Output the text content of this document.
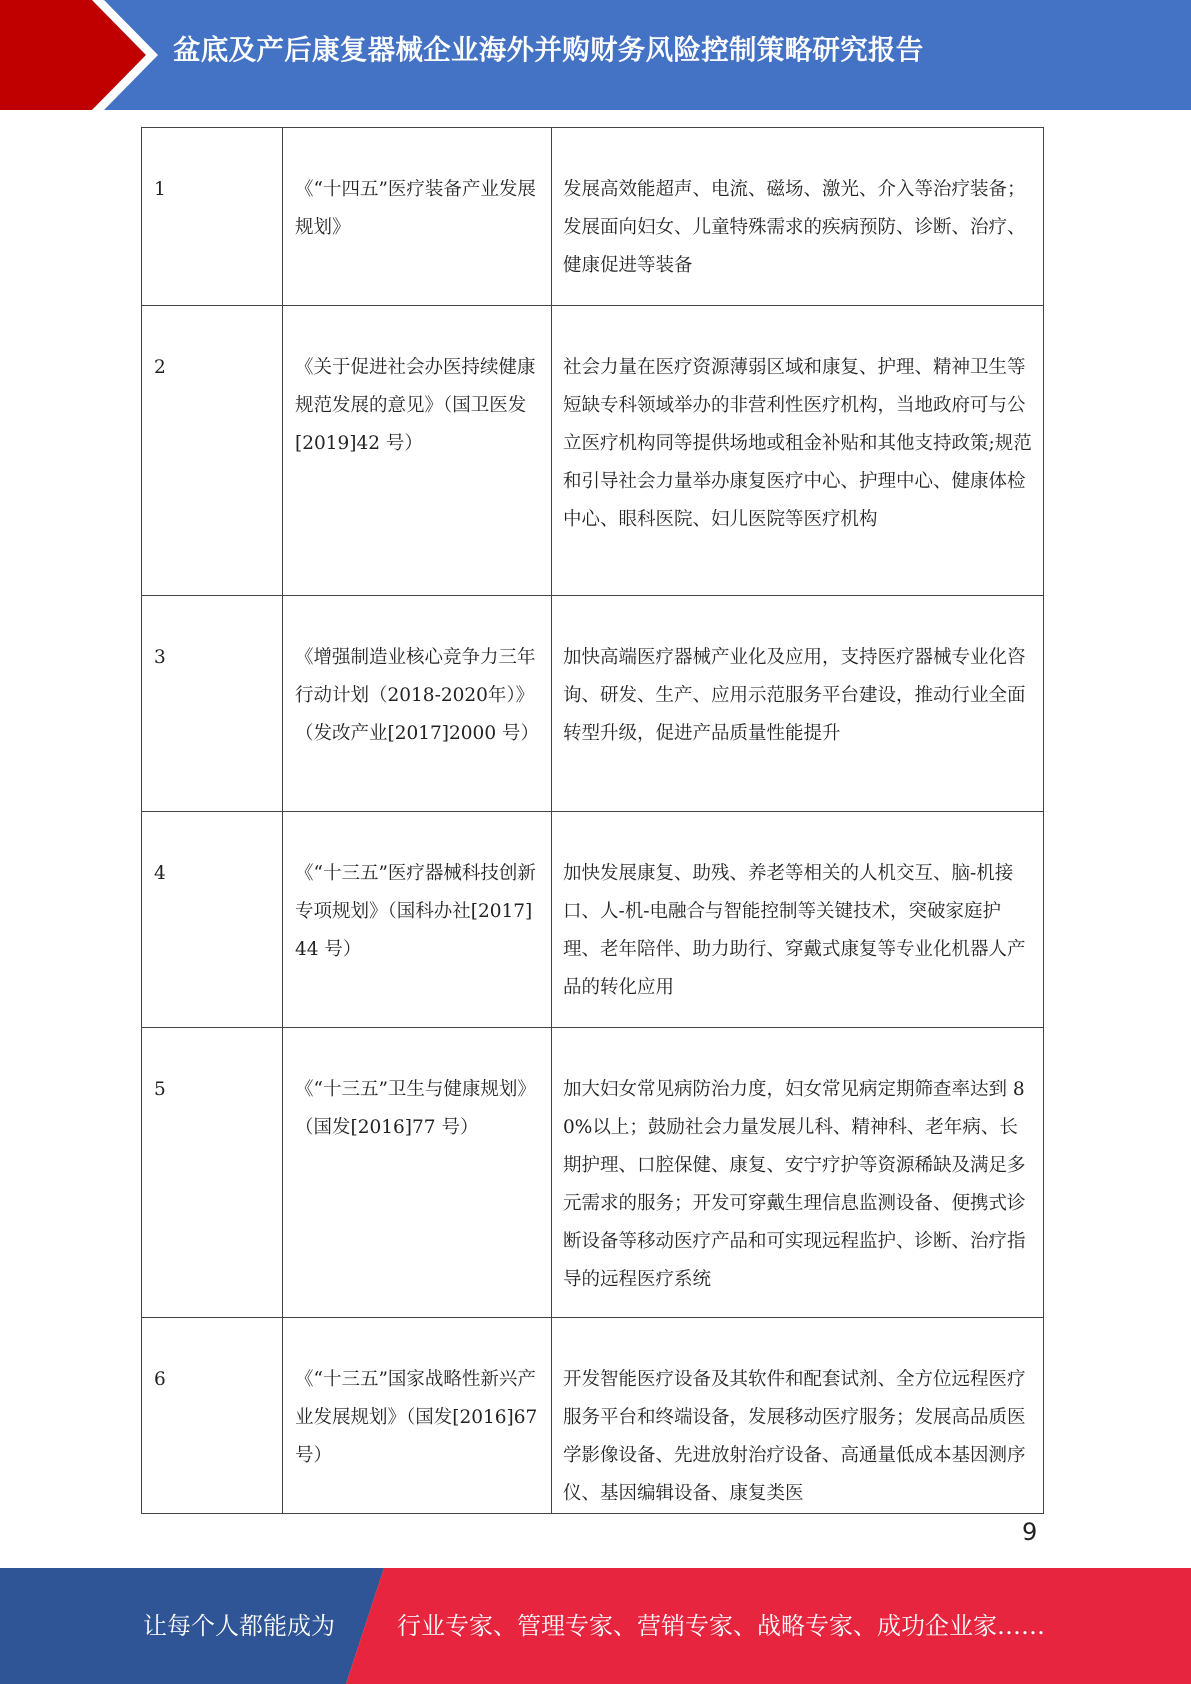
盆底及产后康复器械企业海外并购财务风险控制策略研究报告
1	《“十四五”医疗装备产业发展规划》	发展高效能超声、电流、磁场、激光、介入等治疗装备；发展面向妇女、儿童特殊需求的疾病预防、诊断、治疗、健康促进等装备
2	《关于促进社会办医持续健康规范发展的意见》（国卫医发[2019]42 号）	社会力量在医疗资源薄弱区域和康复、护理、精神卫生等短缺专科领域举办的非营利性医疗机构，当地政府可与公立医疗机构同等提供场地或租金补贴和其他支持政策;规范和引导社会力量举办康复医疗中心、护理中心、健康体检中心、眼科医院、妇儿医院等医疗机构
3	《增强制造业核心竞争力三年行动计划（2018-2020年）》（发改产业[2017]2000 号）	加快高端医疗器械产业化及应用，支持医疗器械专业化咨询、研发、生产、应用示范服务平台建设，推动行业全面转型升级，促进产品质量性能提升
4	《“十三五”医疗器械科技创新专项规划》（国科办社[2017]44 号）	加快发展康复、助残、养老等相关的人机交互、脑-机接口、人-机-电融合与智能控制等关键技术，突破家庭护理、老年陪伴、助力助行、穿戴式康复等专业化机器人产品的转化应用
5	《“十三五”卫生与健康规划》（国发[2016]77 号）	加大妇女常见病防治力度，妇女常见病定期筛查率达到 80%以上；鼓励社会力量发展儿科、精神科、老年病、长期护理、口腔保健、康复、安宁疗护等资源稀缺及满足多元需求的服务；开发可穿戴生理信息监测设备、便携式诊断设备等移动医疗产品和可实现远程监护、诊断、治疗指导的远程医疗系统
6	《“十三五”国家战略性新兴产业发展规划》（国发[2016]67 号）	开发智能医疗设备及其软件和配套试剂、全方位远程医疗服务平台和终端设备，发展移动医疗服务；发展高品质医学影像设备、先进放射治疗设备、高通量低成本基因测序仪、基因编辑设备、康复类医
9
让每个人都能成为	行业专家、管理专家、营销专家、战略专家、成功企业家……
